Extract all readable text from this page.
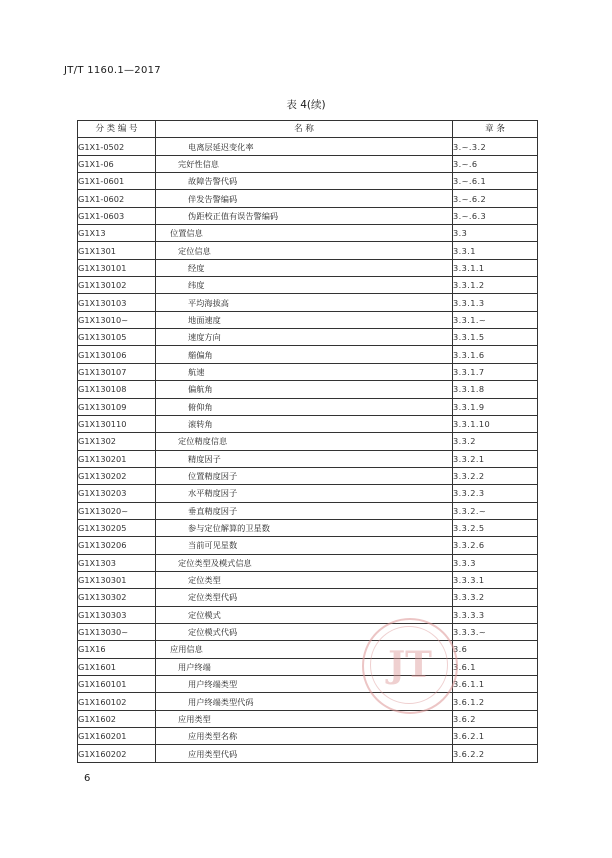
JT/T 1160.1—2017
表 4(续)
分 类 编 号	名 称	章 条
G1X1-0502	电离层延迟变化率	3.~.3.2
G1X1-06	完好性信息	3.~.6
G1X1-0601	故障告警代码	3.~.6.1
G1X1-0602	伴发告警编码	3.~.6.2
G1X1-0603	伪距校正值有误告警编码	3.~.6.3
G1X13	位置信息	3.3
G1X1301	定位信息	3.3.1
G1X130101	经度	3.3.1.1
G1X130102	纬度	3.3.1.2
G1X130103	平均海拔高	3.3.1.3
G1X13010~	地面速度	3.3.1.~
G1X130105	速度方向	3.3.1.5
G1X130106	艏偏角	3.3.1.6
G1X130107	航速	3.3.1.7
G1X130108	偏航角	3.3.1.8
G1X130109	俯仰角	3.3.1.9
G1X130110	滚转角	3.3.1.10
G1X1302	定位精度信息	3.3.2
G1X130201	精度因子	3.3.2.1
G1X130202	位置精度因子	3.3.2.2
G1X130203	水平精度因子	3.3.2.3
G1X13020~	垂直精度因子	3.3.2.~
G1X130205	参与定位解算的卫星数	3.3.2.5
G1X130206	当前可见星数	3.3.2.6
G1X1303	定位类型及模式信息	3.3.3
G1X130301	定位类型	3.3.3.1
G1X130302	定位类型代码	3.3.3.2
G1X130303	定位模式	3.3.3.3
G1X13030~	定位模式代码	3.3.3.~
G1X16	应用信息	3.6
G1X1601	用户终端	3.6.1
G1X160101	用户终端类型	3.6.1.1
G1X160102	用户终端类型代码	3.6.1.2
G1X1602	应用类型	3.6.2
G1X160201	应用类型名称	3.6.2.1
G1X160202	应用类型代码	3.6.2.2
JT
6
